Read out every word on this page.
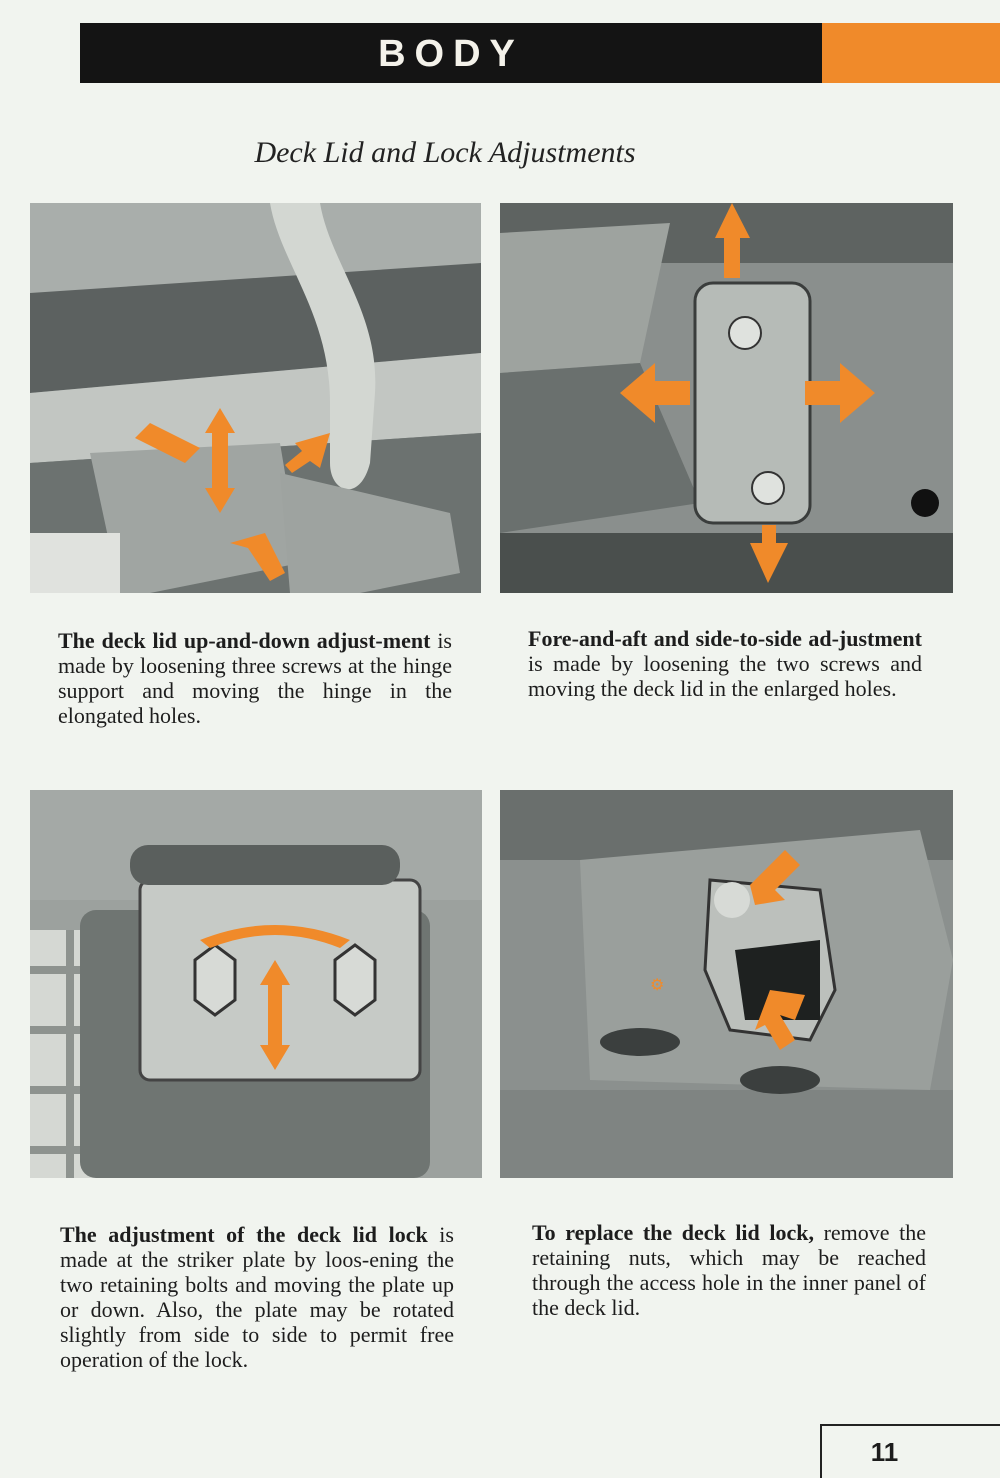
BODY
Deck Lid and Lock Adjustments
⚙
The deck lid up-and-down adjust-ment is made by loosening three screws at the hinge support and moving the hinge in the elongated holes.
Fore-and-aft and side-to-side ad-justment is made by loosening the two screws and moving the deck lid in the enlarged holes.
The adjustment of the deck lid lock is made at the striker plate by loos-ening the two retaining bolts and moving the plate up or down. Also, the plate may be rotated slightly from side to side to permit free operation of the lock.
To replace the deck lid lock, remove the retaining nuts, which may be reached through the access hole in the inner panel of the deck lid.
11
